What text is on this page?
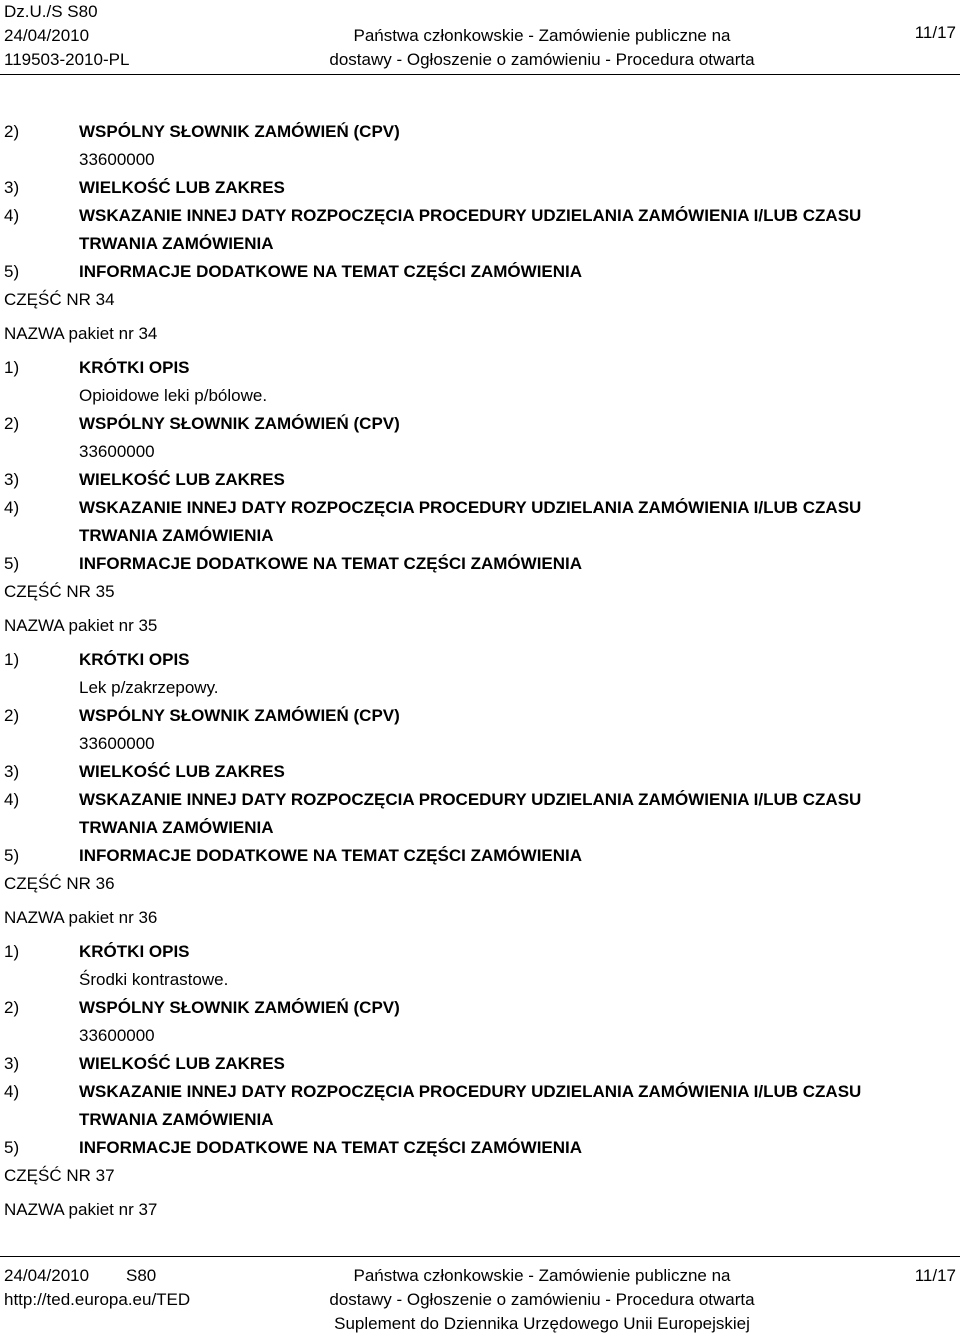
Dz.U./S S80
24/04/2010
119503-2010-PL
Państwa członkowskie - Zamówienie publiczne na
dostawy - Ogłoszenie o zamówieniu - Procedura otwarta
11/17
2)	WSPÓLNY SŁOWNIK ZAMÓWIEŃ (CPV)
33600000
3)	WIELKOŚĆ LUB ZAKRES
4)	WSKAZANIE INNEJ DATY ROZPOCZĘCIA PROCEDURY UDZIELANIA ZAMÓWIENIA I/LUB CZASU
TRWANIA ZAMÓWIENIA
5)	INFORMACJE DODATKOWE NA TEMAT CZĘŚCI ZAMÓWIENIA
CZĘŚĆ NR 34
NAZWA pakiet nr 34
1)	KRÓTKI OPIS
Opioidowe leki p/bólowe.
2)	WSPÓLNY SŁOWNIK ZAMÓWIEŃ (CPV)
33600000
3)	WIELKOŚĆ LUB ZAKRES
4)	WSKAZANIE INNEJ DATY ROZPOCZĘCIA PROCEDURY UDZIELANIA ZAMÓWIENIA I/LUB CZASU
TRWANIA ZAMÓWIENIA
5)	INFORMACJE DODATKOWE NA TEMAT CZĘŚCI ZAMÓWIENIA
CZĘŚĆ NR 35
NAZWA pakiet nr 35
1)	KRÓTKI OPIS
Lek p/zakrzepowy.
2)	WSPÓLNY SŁOWNIK ZAMÓWIEŃ (CPV)
33600000
3)	WIELKOŚĆ LUB ZAKRES
4)	WSKAZANIE INNEJ DATY ROZPOCZĘCIA PROCEDURY UDZIELANIA ZAMÓWIENIA I/LUB CZASU
TRWANIA ZAMÓWIENIA
5)	INFORMACJE DODATKOWE NA TEMAT CZĘŚCI ZAMÓWIENIA
CZĘŚĆ NR 36
NAZWA pakiet nr 36
1)	KRÓTKI OPIS
Środki kontrastowe.
2)	WSPÓLNY SŁOWNIK ZAMÓWIEŃ (CPV)
33600000
3)	WIELKOŚĆ LUB ZAKRES
4)	WSKAZANIE INNEJ DATY ROZPOCZĘCIA PROCEDURY UDZIELANIA ZAMÓWIENIA I/LUB CZASU
TRWANIA ZAMÓWIENIA
5)	INFORMACJE DODATKOWE NA TEMAT CZĘŚCI ZAMÓWIENIA
CZĘŚĆ NR 37
NAZWA pakiet nr 37
24/04/2010
http://ted.europa.eu/TED
S80	Państwa członkowskie - Zamówienie publiczne na
dostawy - Ogłoszenie o zamówieniu - Procedura otwarta
Suplement do Dziennika Urzędowego Unii Europejskiej
11/17
